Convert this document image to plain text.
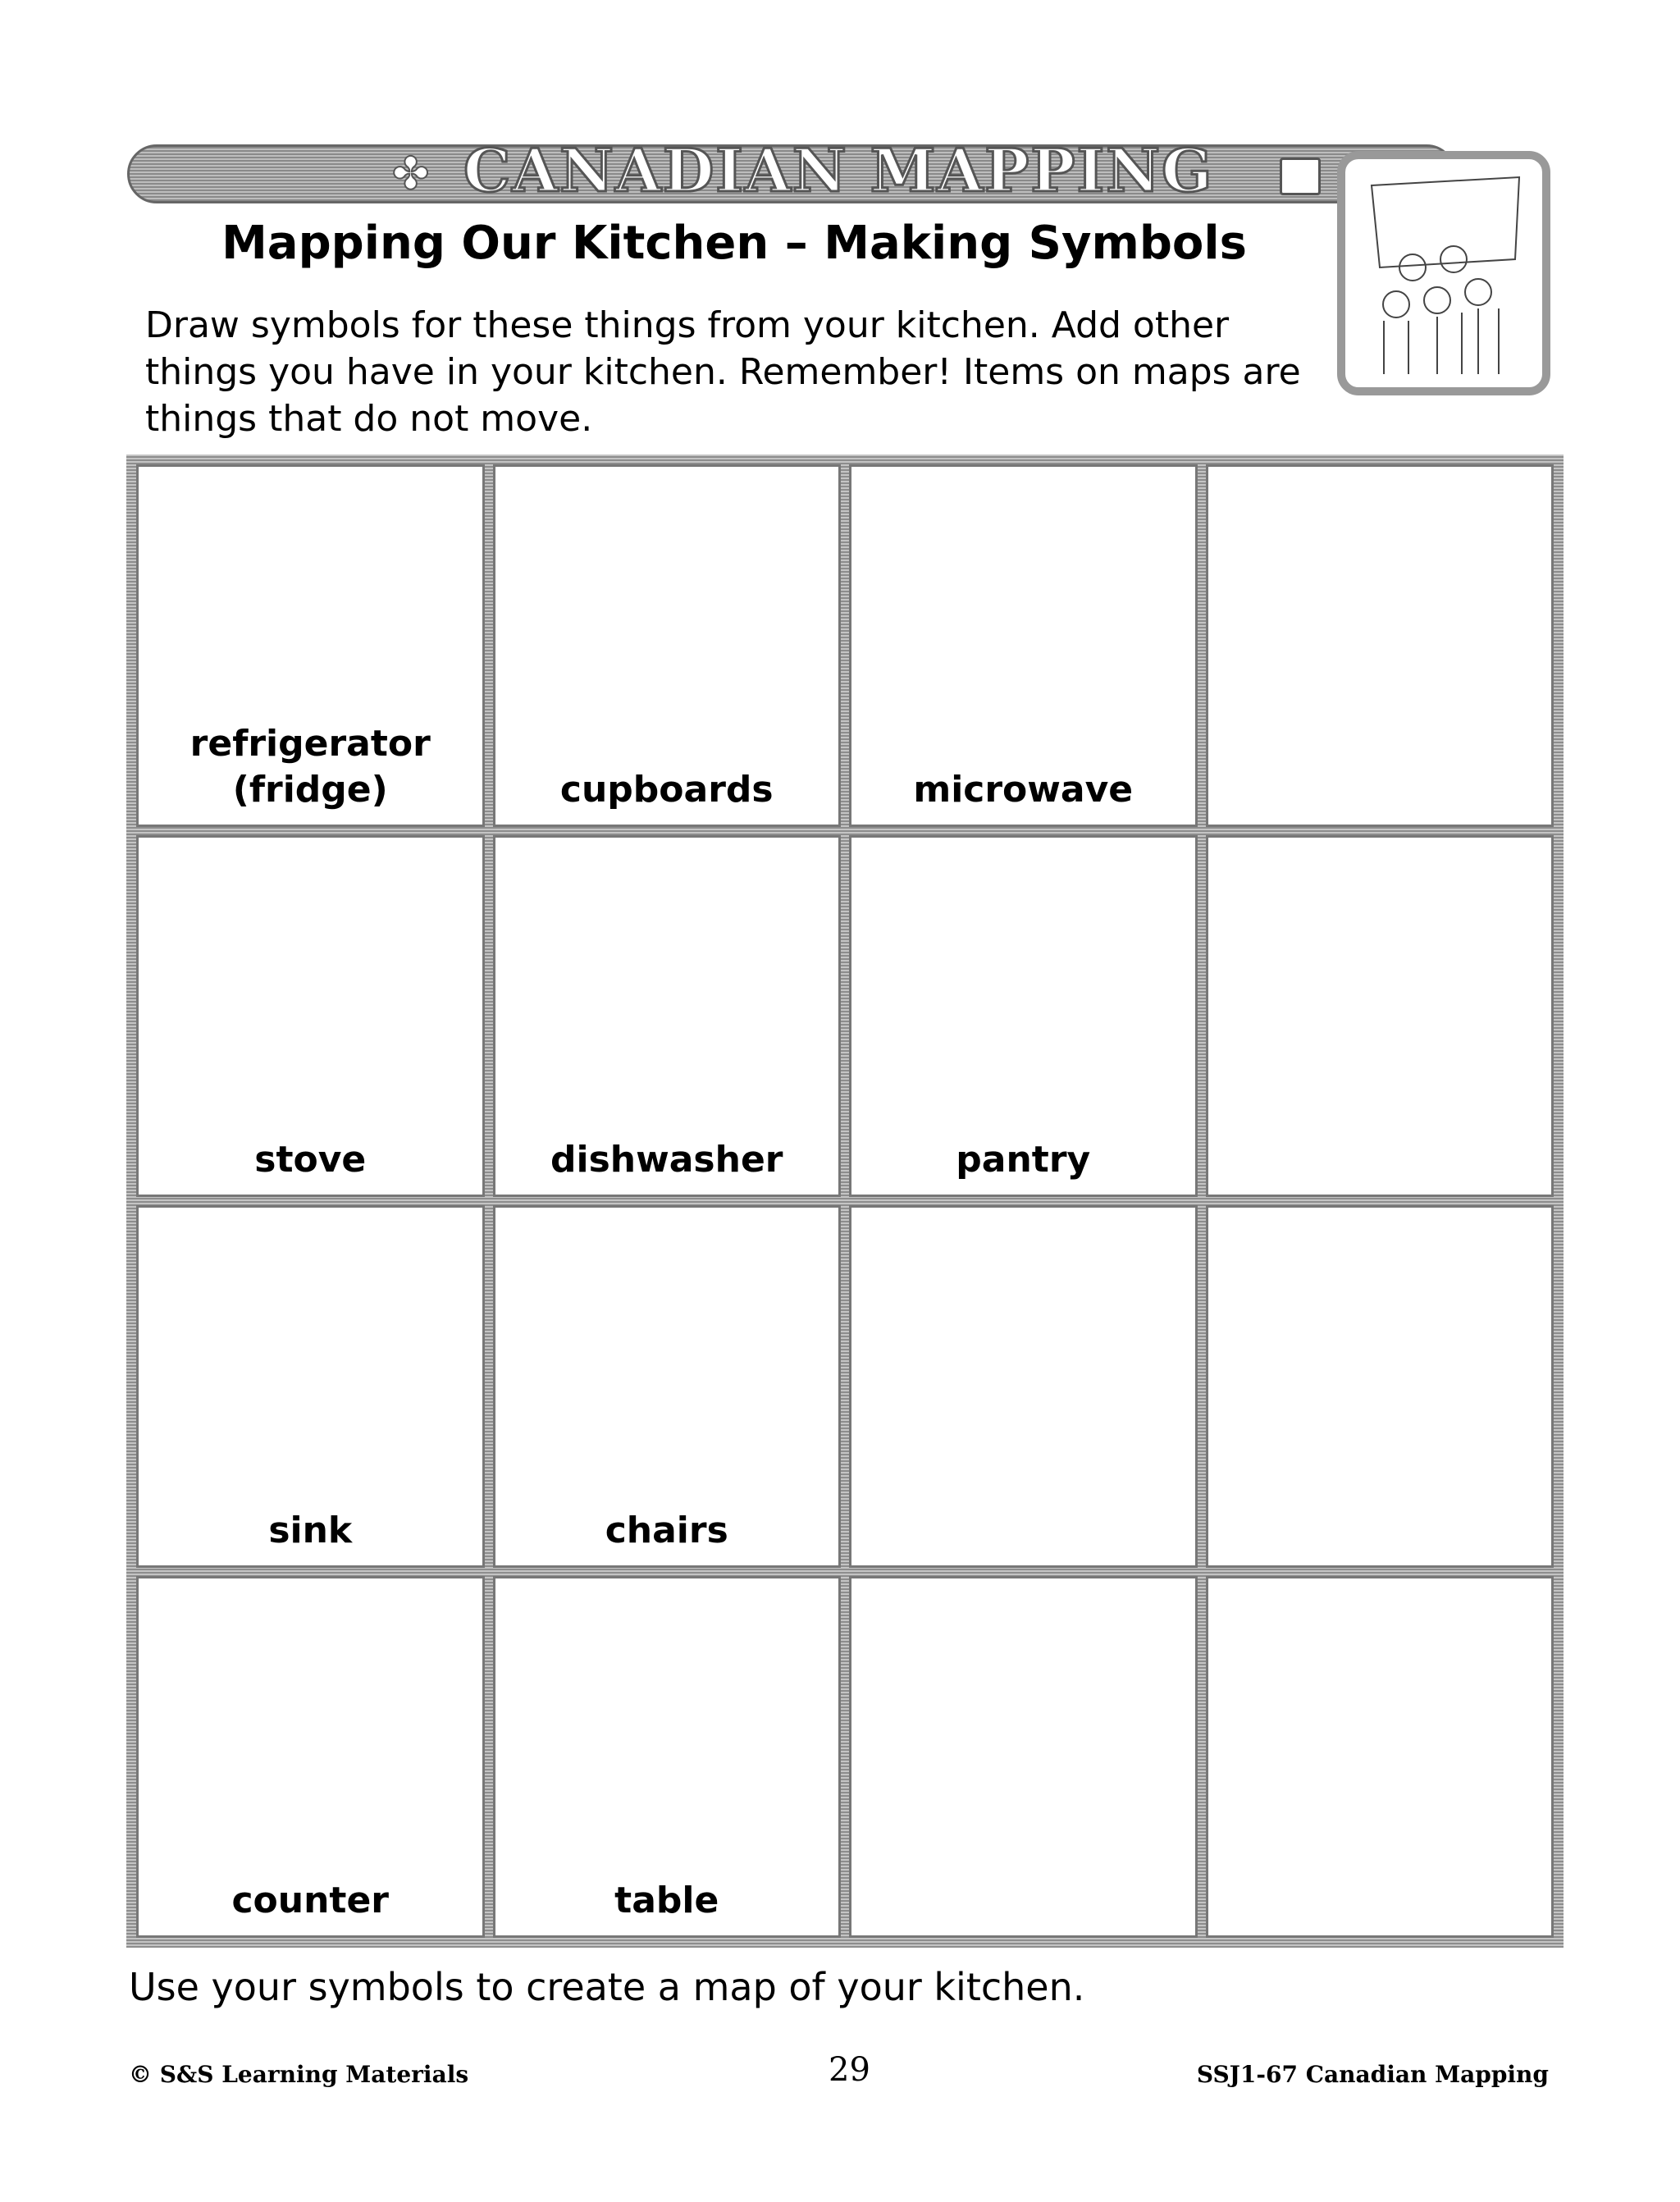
✤ CANADIAN MAPPING
Mapping Our Kitchen – Making Symbols
Draw symbols for these things from your kitchen. Add other things you have in your kitchen. Remember! Items on maps are things that do not move.
refrigerator
(fridge)	cupboards	microwave
stove	dishwasher	pantry
sink	chairs
counter	table
Use your symbols to create a map of your kitchen.
© S&S Learning Materials	29	SSJ1-67 Canadian Mapping
